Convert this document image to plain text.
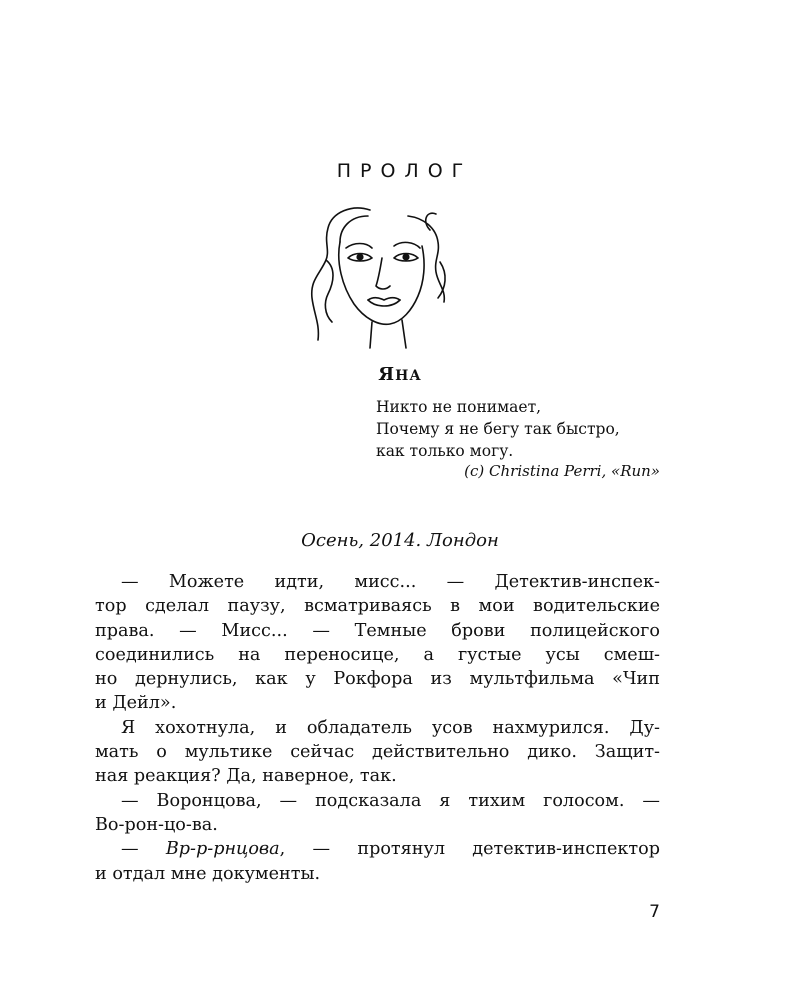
ПРОЛОГ
ЯНА
Никто не понимает,
Почему я не бегу так быстро,
как только могу.
(с) Christina Perri, «Run»
Осень, 2014. Лондон
— Можете идти, мисс... — Детектив-инспек-
тор сделал паузу, всматриваясь в мои водительские
права. — Мисс... — Темные брови полицейского
соединились на переносице, а густые усы смеш-
но дернулись, как у Рокфора из мультфильма «Чип
и Дейл».
Я хохотнула, и обладатель усов нахмурился. Ду-
мать о мультике сейчас действительно дико. Защит-
ная реакция? Да, наверное, так.
— Воронцова, — подсказала я тихим голосом. —
Во-рон-цо-ва.
— Вр-р-рнцова, — протянул детектив-инспектор
и отдал мне документы.
7
